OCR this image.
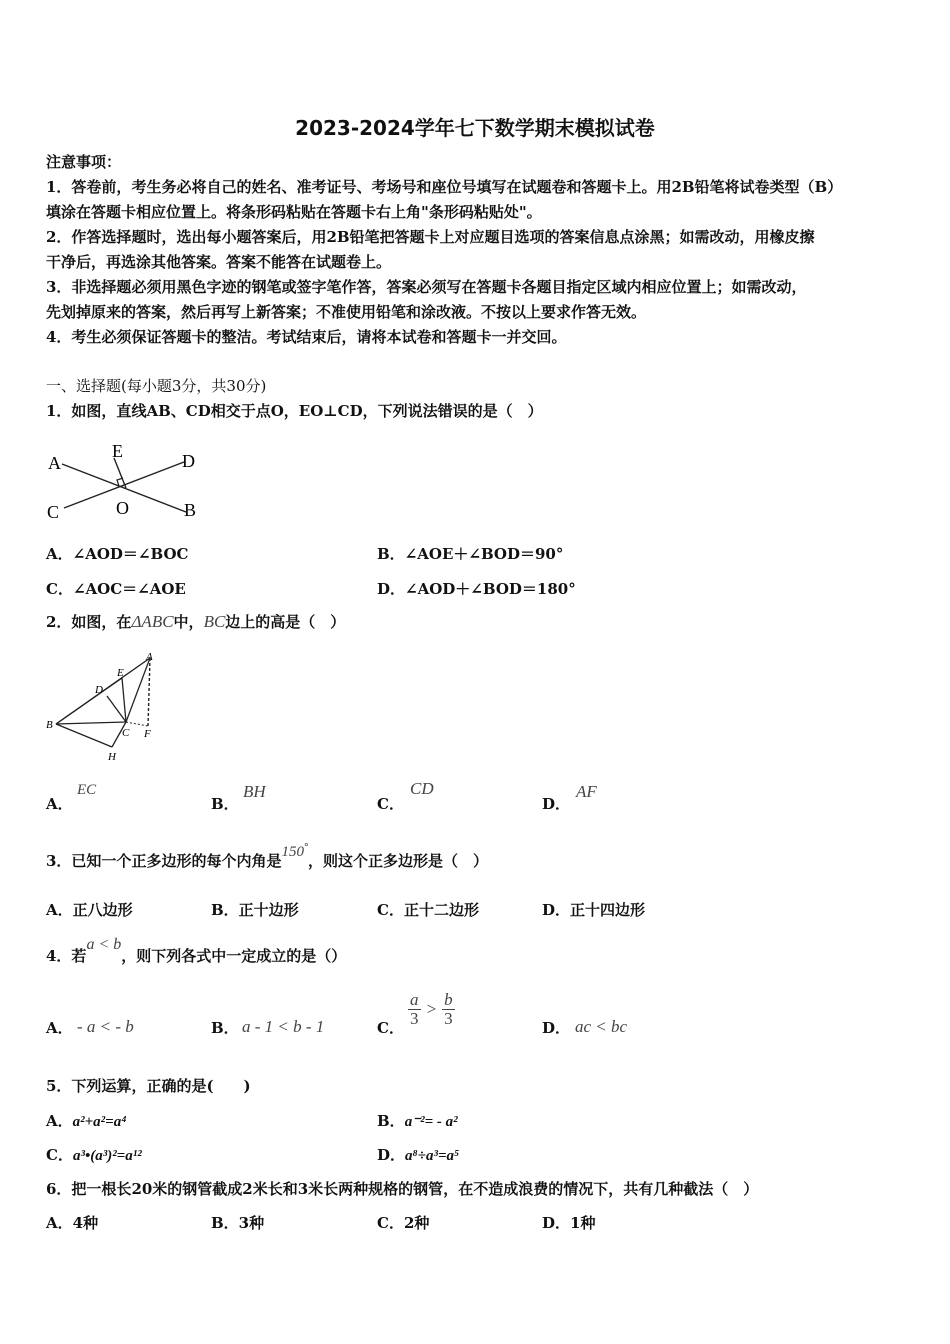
2023-2024学年七下数学期末模拟试卷
注意事项：
1．答卷前，考生务必将自己的姓名、准考证号、考场号和座位号填写在试题卷和答题卡上。用2B铅笔将试卷类型（B）
填涂在答题卡相应位置上。将条形码粘贴在答题卡右上角"条形码粘贴处"。
2．作答选择题时，选出每小题答案后，用2B铅笔把答题卡上对应题目选项的答案信息点涂黑；如需改动，用橡皮擦
干净后，再选涂其他答案。答案不能答在试题卷上。
3．非选择题必须用黑色字迹的钢笔或签字笔作答，答案必须写在答题卡各题目指定区域内相应位置上；如需改动，
先划掉原来的答案，然后再写上新答案；不准使用铅笔和涂改液。不按以上要求作答无效。
4．考生必须保证答题卡的整洁。考试结束后，请将本试卷和答题卡一并交回。
一、选择题(每小题3分，共30分)
1．如图，直线AB、CD相交于点O，EO⊥CD，下列说法错误的是（　）
A	D
E
C	O	B
A．∠AOD＝∠BOC	B．∠AOE＋∠BOD＝90°
C．∠AOC＝∠AOE	D．∠AOD＋∠BOD＝180°
2．如图，在ΔABC中，BC边上的高是（　）
B
A
E
D
C F
H
A．
EC
B．
BH
C．
CD
D．
AF
3．已知一个正多边形的每个内角是150°，则这个正多边形是（　）
A．正八边形	B．正十边形	C．正十二边形	D．正十四边形
4．若a < b，则下列各式中一定成立的是（）
A． - a < - b	B． a - 1 < b - 1	C． $\frac{a}{3} > \frac{b}{3}$	D． ac < bc
5．下列运算，正确的是(　　)
A．a²+a²=a⁴	B．a⁻²= - a²
C．a³•(a³)²=a¹²	D．a⁸÷a³=a⁵
6．把一根长20米的钢管截成2米长和3米长两种规格的钢管，在不造成浪费的情况下，共有几种截法（　）
A．4种	B．3种	C．2种	D．1种
